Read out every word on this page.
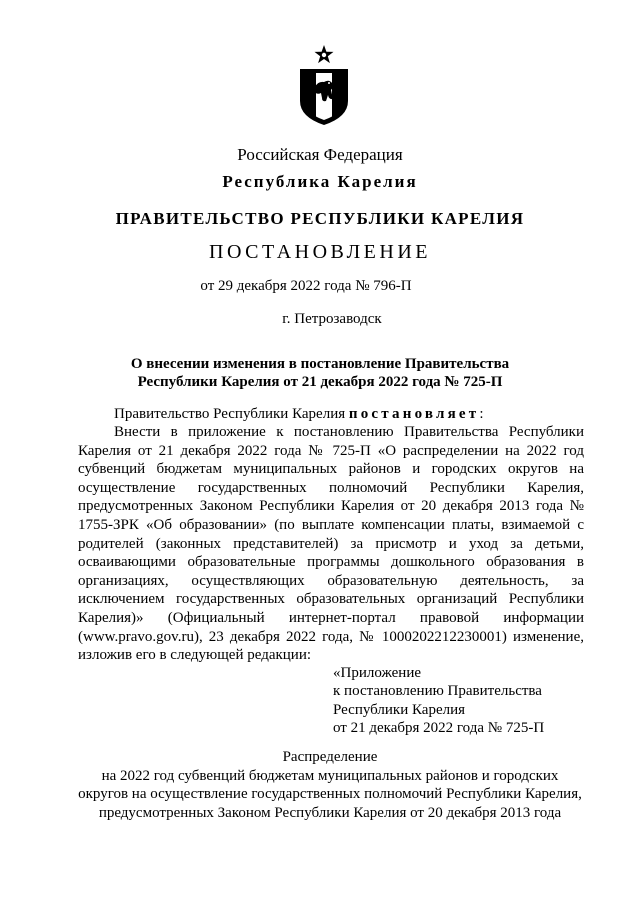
Российская Федерация
Республика Карелия
ПРАВИТЕЛЬСТВО РЕСПУБЛИКИ КАРЕЛИЯ
ПОСТАНОВЛЕНИЕ
от 29 декабря 2022 года № 796-П
г. Петрозаводск
О внесении изменения в постановление Правительства
Республики Карелия от 21 декабря 2022 года № 725-П
Правительство Республики Карелия постановляет:

Внести в приложение к постановлению Правительства Республики Карелия от 21 декабря 2022 года № 725-П «О распределении на 2022 год субвенций бюджетам муниципальных районов и городских округов на осуществление государственных полномочий Республики Карелия, предусмотренных Законом Республики Карелия от 20 декабря 2013 года № 1755-ЗРК «Об образовании» (по выплате компенсации платы, взимаемой с родителей (законных представителей) за присмотр и уход за детьми, осваивающими образовательные программы дошкольного образования в организациях, осуществляющих образовательную деятельность, за исключением государственных образовательных организаций Республики Карелия)» (Официальный интернет-портал правовой информации (www.pravo.gov.ru), 23 декабря 2022 года, № 1000202212230001) изменение, изложив его в следующей редакции:

«Приложение
к постановлению Правительства
Республики Карелия
от 21 декабря 2022 года № 725-П
Распределение
на 2022 год субвенций бюджетам муниципальных районов и городских
округов на осуществление государственных полномочий Республики Карелия,
предусмотренных Законом Республики Карелия от 20 декабря 2013 года
